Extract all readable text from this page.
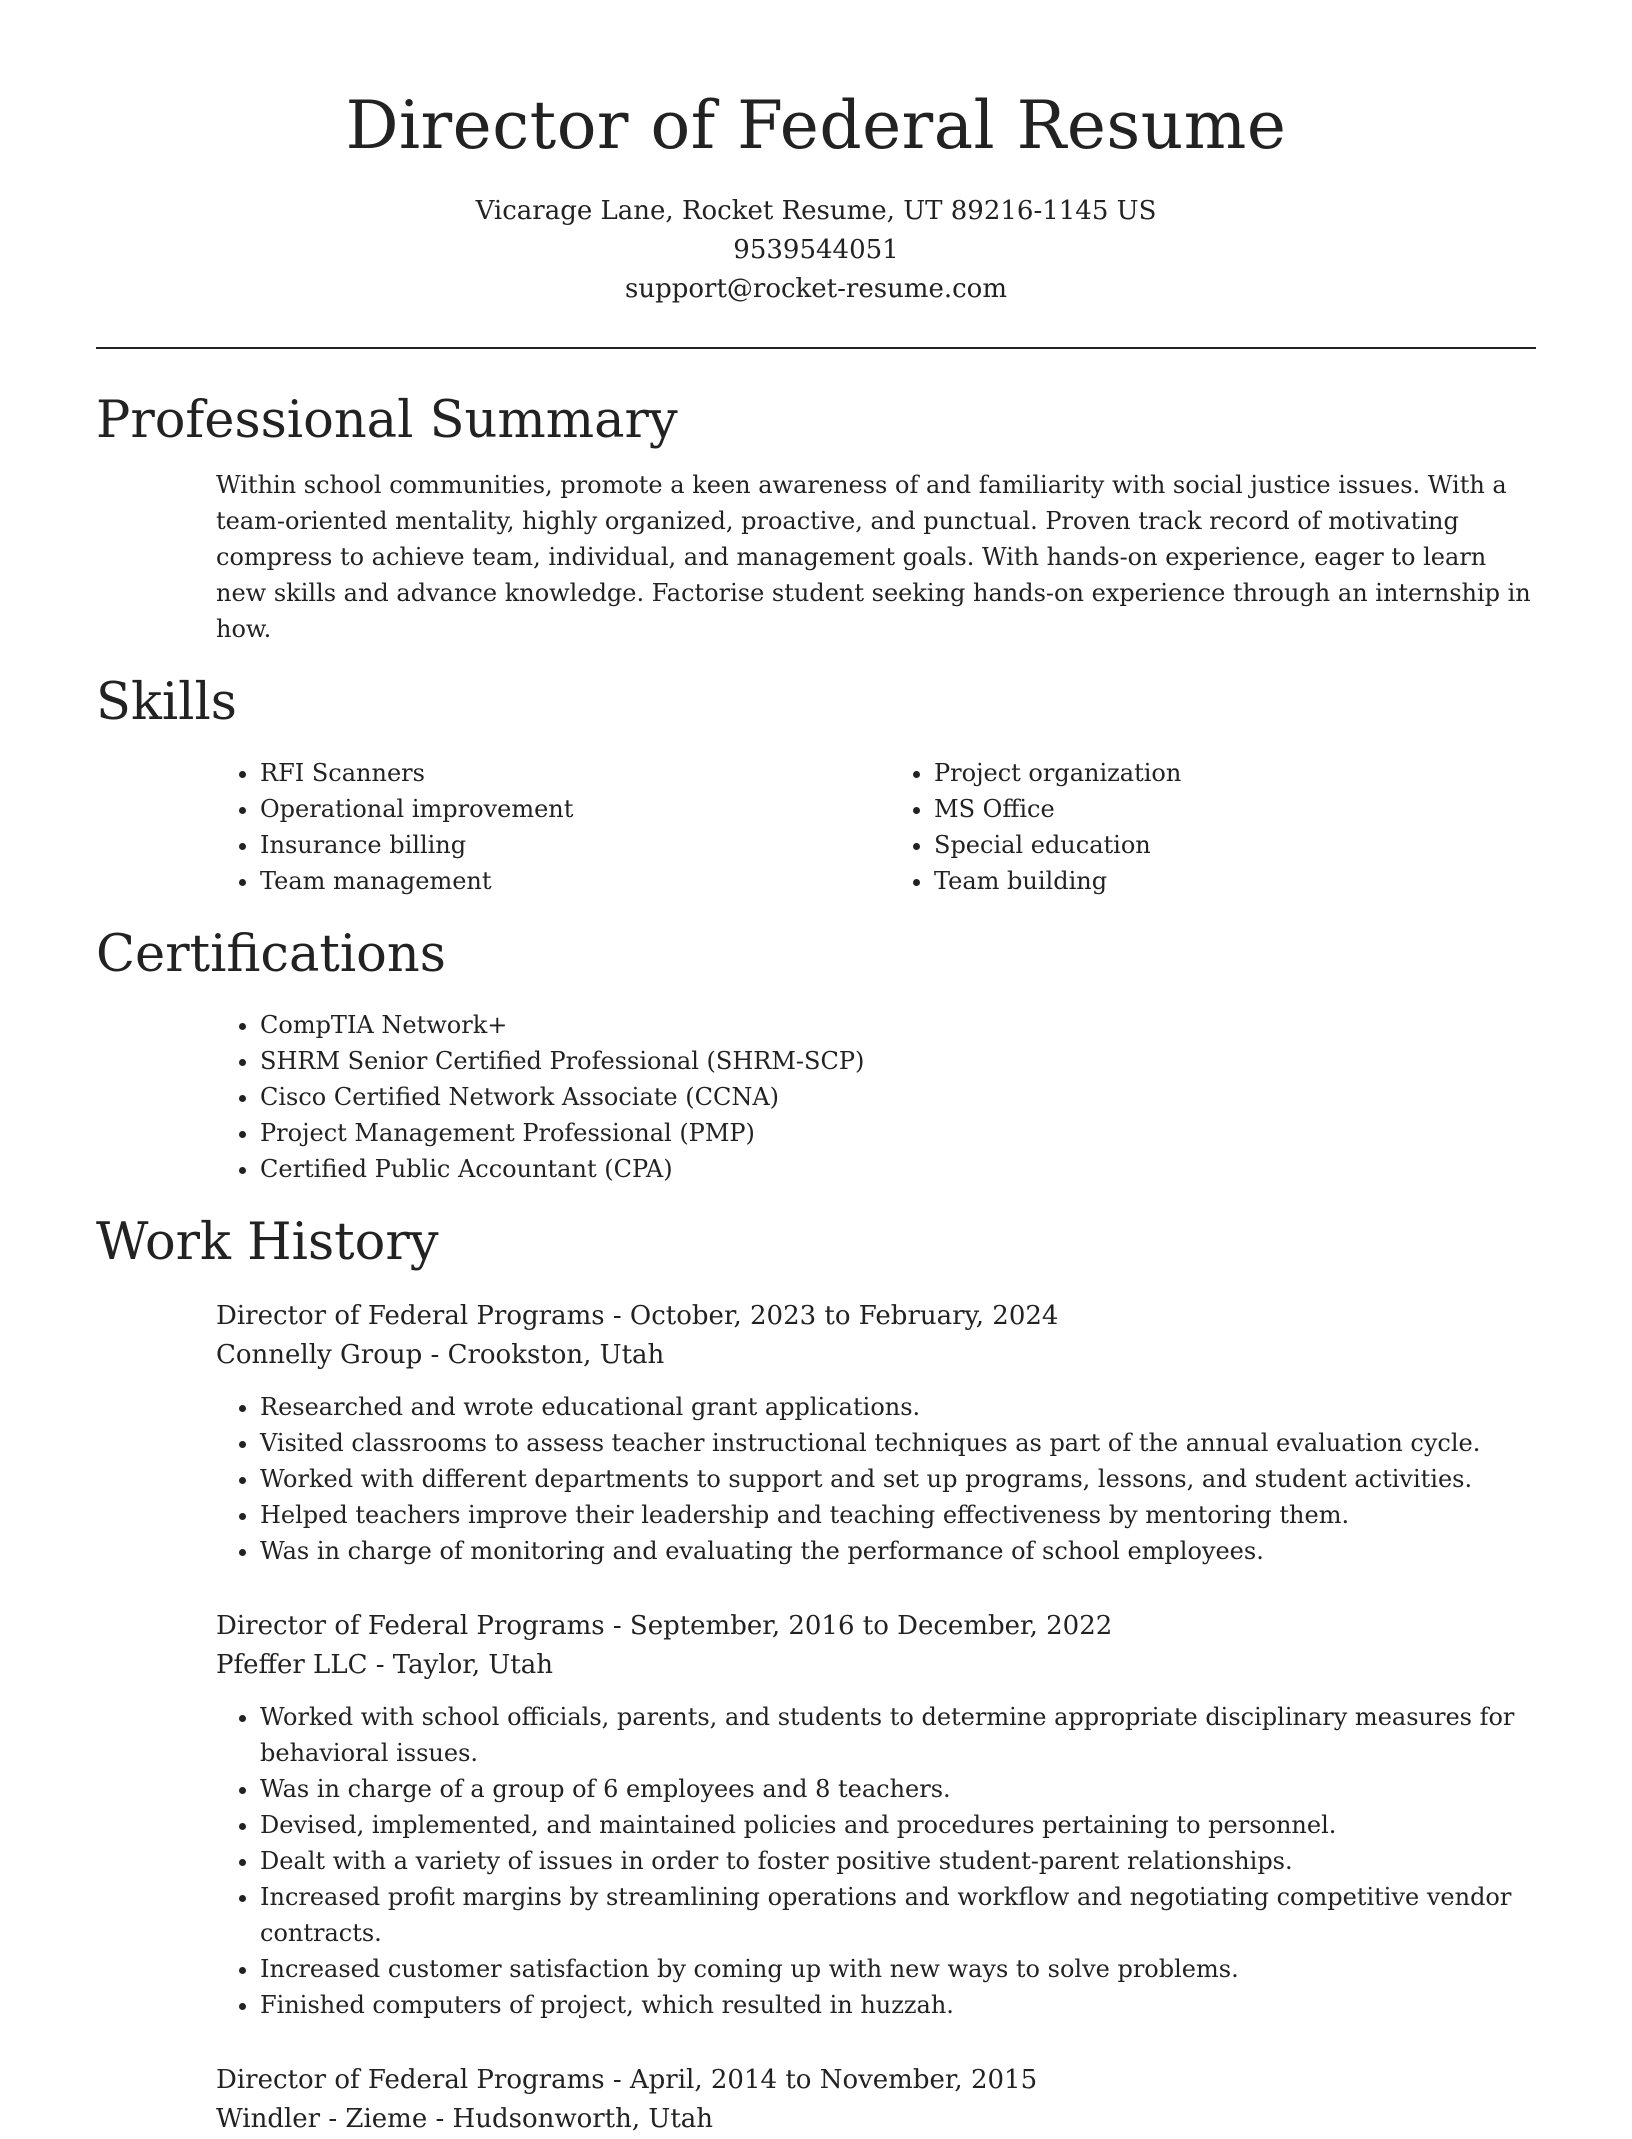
Director of Federal Resume
Vicarage Lane, Rocket Resume, UT 89216-1145 US
9539544051
support@rocket-resume.com
Professional Summary

Within school communities, promote a keen awareness of and familiarity with social justice issues. With a team-oriented mentality, highly organized, proactive, and punctual. Proven track record of motivating compress to achieve team, individual, and management goals. With hands-on experience, eager to learn new skills and advance knowledge. Factorise student seeking hands-on experience through an internship in how.

Skills
• RFI Scanners
• Operational improvement
• Insurance billing
• Team management
• Project organization
• MS Office
• Special education
• Team building
Certifications
• CompTIA Network+
• SHRM Senior Certified Professional (SHRM-SCP)
• Cisco Certified Network Associate (CCNA)
• Project Management Professional (PMP)
• Certified Public Accountant (CPA)
Work History
Director of Federal Programs - October, 2023 to February, 2024
Connelly Group - Crookston, Utah
• Researched and wrote educational grant applications.
• Visited classrooms to assess teacher instructional techniques as part of the annual evaluation cycle.
• Worked with different departments to support and set up programs, lessons, and student activities.
• Helped teachers improve their leadership and teaching effectiveness by mentoring them.
• Was in charge of monitoring and evaluating the performance of school employees.
Director of Federal Programs - September, 2016 to December, 2022
Pfeffer LLC - Taylor, Utah
• Worked with school officials, parents, and students to determine appropriate disciplinary measures for behavioral issues.
• Was in charge of a group of 6 employees and 8 teachers.
• Devised, implemented, and maintained policies and procedures pertaining to personnel.
• Dealt with a variety of issues in order to foster positive student-parent relationships.
• Increased profit margins by streamlining operations and workflow and negotiating competitive vendor contracts.
• Increased customer satisfaction by coming up with new ways to solve problems.
• Finished computers of project, which resulted in huzzah.
Director of Federal Programs - April, 2014 to November, 2015
Windler - Zieme - Hudsonworth, Utah
